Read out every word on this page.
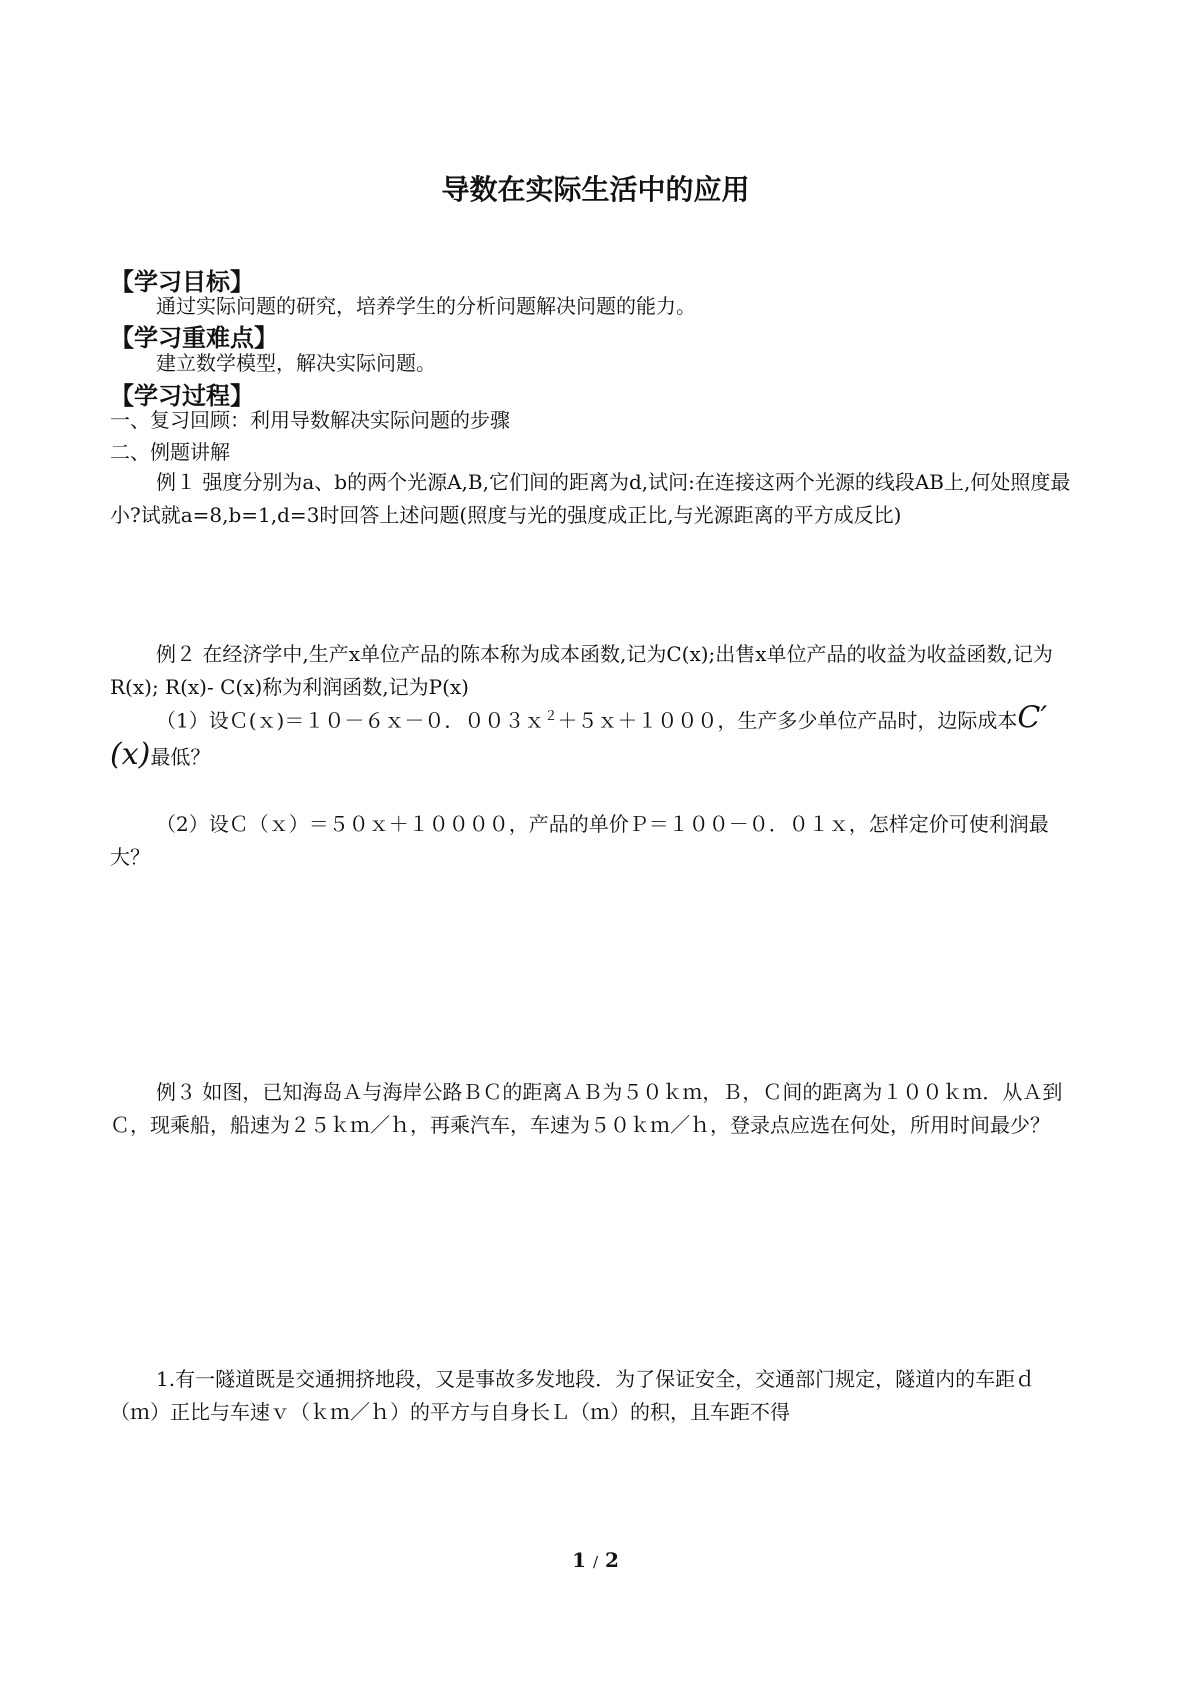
导数在实际生活中的应用
【学习目标】

通过实际问题的研究，培养学生的分析问题解决问题的能力。

【学习重难点】

建立数学模型，解决实际问题。

【学习过程】

一、复习回顾：利用导数解决实际问题的步骤

二、例题讲解

例１ 强度分别为a、b的两个光源A,B,它们间的距离为d,试问:在连接这两个光源的线段AB上,何处照度最小?试就a=8,b=1,d=3时回答上述问题(照度与光的强度成正比,与光源距离的平方成反比)

例２ 在经济学中,生产x单位产品的陈本称为成本函数,记为C(x);出售x单位产品的收益为收益函数,记为R(x); R(x)- C(x)称为利润函数,记为P(x)

（1）设Ｃ(ｘ)＝１０－６ｘ－０．００３ｘ$^2$＋５ｘ＋１０００，生产多少单位产品时，边际成本C′(x)最低？

（2）设Ｃ（ｘ）＝５０ｘ＋１００００，产品的单价Ｐ＝１００－０．０１ｘ，怎样定价可使利润最大？

例３ 如图，已知海岛Ａ与海岸公路ＢＣ的距离ＡＢ为５０ｋｍ，Ｂ，Ｃ间的距离为１００ｋｍ．从Ａ到Ｃ，现乘船，船速为２５ｋｍ／ｈ，再乘汽车，车速为５０ｋｍ／ｈ，登录点应选在何处，所用时间最少？

1.有一隧道既是交通拥挤地段，又是事故多发地段．为了保证安全，交通部门规定，隧道内的车距ｄ（ｍ）正比与车速ｖ（ｋｍ／ｈ）的平方与自身长Ｌ（ｍ）的积，且车距不得

1 / 2
